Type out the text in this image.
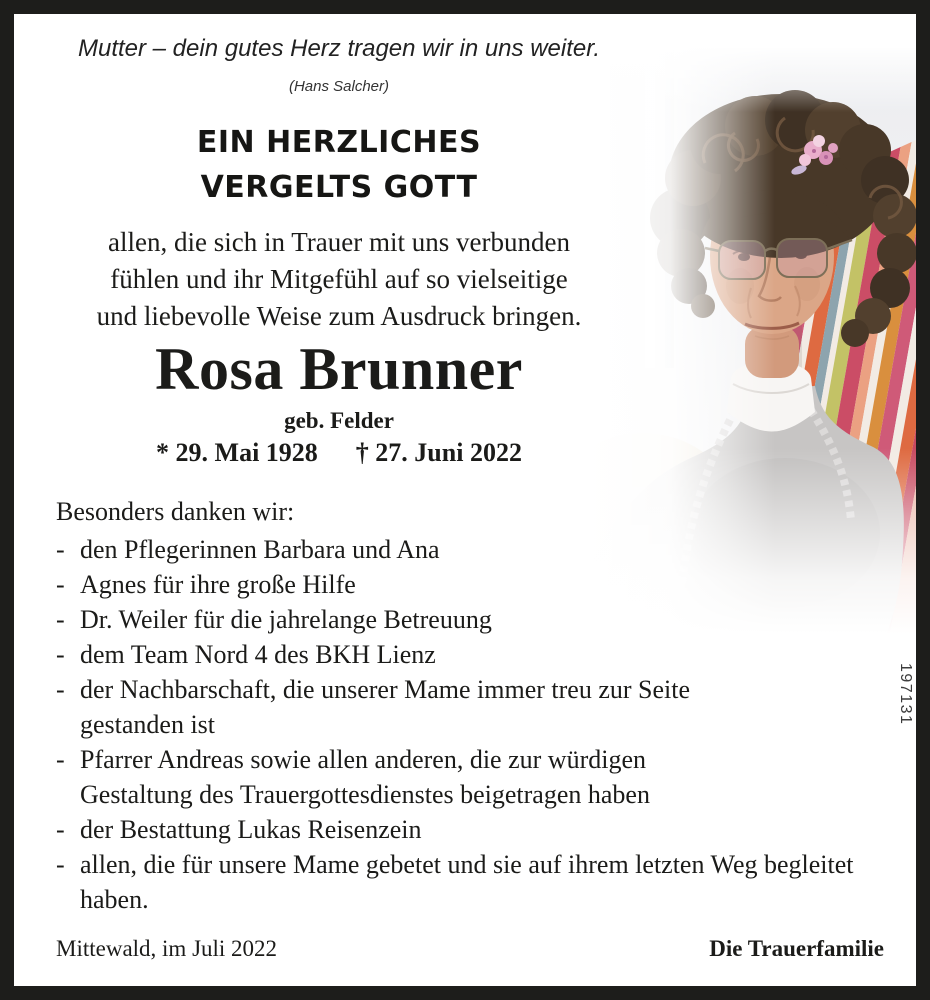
Mutter – dein gutes Herz tragen wir in uns weiter.
(Hans Salcher)
EIN HERZLICHES
VERGELTS GOTT
allen, die sich in Trauer mit uns verbunden
fühlen und ihr Mitgefühl auf so vielseitige
und liebevolle Weise zum Ausdruck bringen.
Rosa Brunner
geb. Felder
* 29. Mai 1928 † 27. Juni 2022
Besonders danken wir:
- den Pflegerinnen Barbara und Ana
- Agnes für ihre große Hilfe
- Dr. Weiler für die jahrelange Betreuung
- dem Team Nord 4 des BKH Lienz
- der Nachbarschaft, die unserer Mame immer treu zur Seite gestanden ist
- Pfarrer Andreas sowie allen anderen, die zur würdigen Gestaltung des Trauergottesdienstes beigetragen haben
- der Bestattung Lukas Reisenzein
- allen, die für unsere Mame gebetet und sie auf ihrem letzten Weg begleitet haben.
Mittewald, im Juli 2022	Die Trauerfamilie
197131
